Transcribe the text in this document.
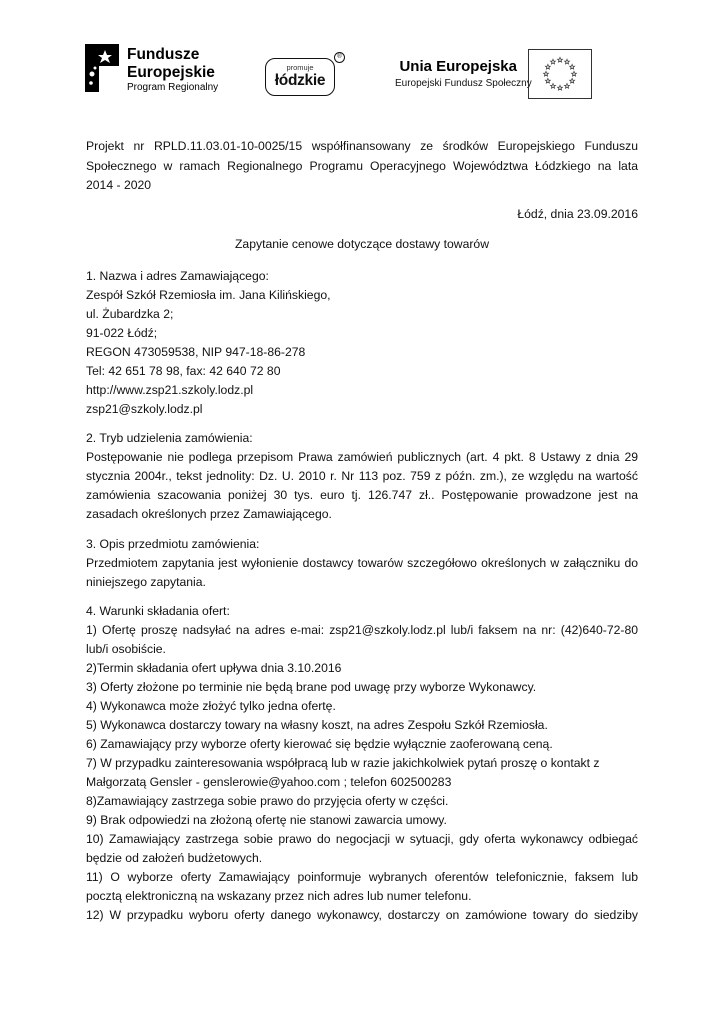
Fundusze
Europejskie
Program Regionalny
promuje
łódzkie
®
Unia Europejska
Europejski Fundusz Społeczny
Projekt nr RPLD.11.03.01-10-0025/15 współfinansowany ze środków Europejskiego Funduszu
Społecznego w ramach Regionalnego Programu Operacyjnego Województwa Łódzkiego na lata
2014 - 2020
Łódź, dnia 23.09.2016
Zapytanie cenowe dotyczące dostawy towarów
1. Nazwa i adres Zamawiającego:
Zespół Szkół Rzemiosła im. Jana Kilińskiego,
ul. Żubardzka 2;
91-022 Łódź;
REGON 473059538, NIP 947-18-86-278
Tel: 42 651 78 98, fax: 42 640 72 80
http://www.zsp21.szkoly.lodz.pl
zsp21@szkoly.lodz.pl
2. Tryb udzielenia zamówienia:
Postępowanie nie podlega przepisom Prawa zamówień publicznych (art. 4 pkt. 8 Ustawy z dnia 29
stycznia 2004r., tekst jednolity: Dz. U. 2010 r. Nr 113 poz. 759 z późn. zm.), ze względu na wartość
zamówienia szacowania poniżej 30 tys. euro tj. 126.747 zł.. Postępowanie prowadzone jest na
zasadach określonych przez Zamawiającego.
3. Opis przedmiotu zamówienia:
Przedmiotem zapytania jest wyłonienie dostawcy towarów szczegółowo określonych w załączniku do
niniejszego zapytania.
4. Warunki składania ofert:
1) Ofertę proszę nadsyłać na adres e-mai: zsp21@szkoly.lodz.pl lub/i faksem na nr: (42)640-72-80
lub/i osobiście.
2)Termin składania ofert upływa dnia 3.10.2016
3) Oferty złożone po terminie nie będą brane pod uwagę przy wyborze Wykonawcy.
4) Wykonawca może złożyć tylko jedna ofertę.
5) Wykonawca dostarczy towary na własny koszt, na adres Zespołu Szkół Rzemiosła.
6) Zamawiający przy wyborze oferty kierować się będzie wyłącznie zaoferowaną ceną.
7) W przypadku zainteresowania współpracą lub w razie jakichkolwiek pytań proszę o kontakt z
Małgorzatą Gensler - genslerowie@yahoo.com ; telefon 602500283
8)Zamawiający zastrzega sobie prawo do przyjęcia oferty w części.
9) Brak odpowiedzi na złożoną ofertę nie stanowi zawarcia umowy.
10) Zamawiający zastrzega sobie prawo do negocjacji w sytuacji, gdy oferta wykonawcy odbiegać
będzie od założeń budżetowych.
11) O wyborze oferty Zamawiający poinformuje wybranych oferentów telefonicznie, faksem lub
pocztą elektroniczną na wskazany przez nich adres lub numer telefonu.
12) W przypadku wyboru oferty danego wykonawcy, dostarczy on zamówione towary do siedziby
